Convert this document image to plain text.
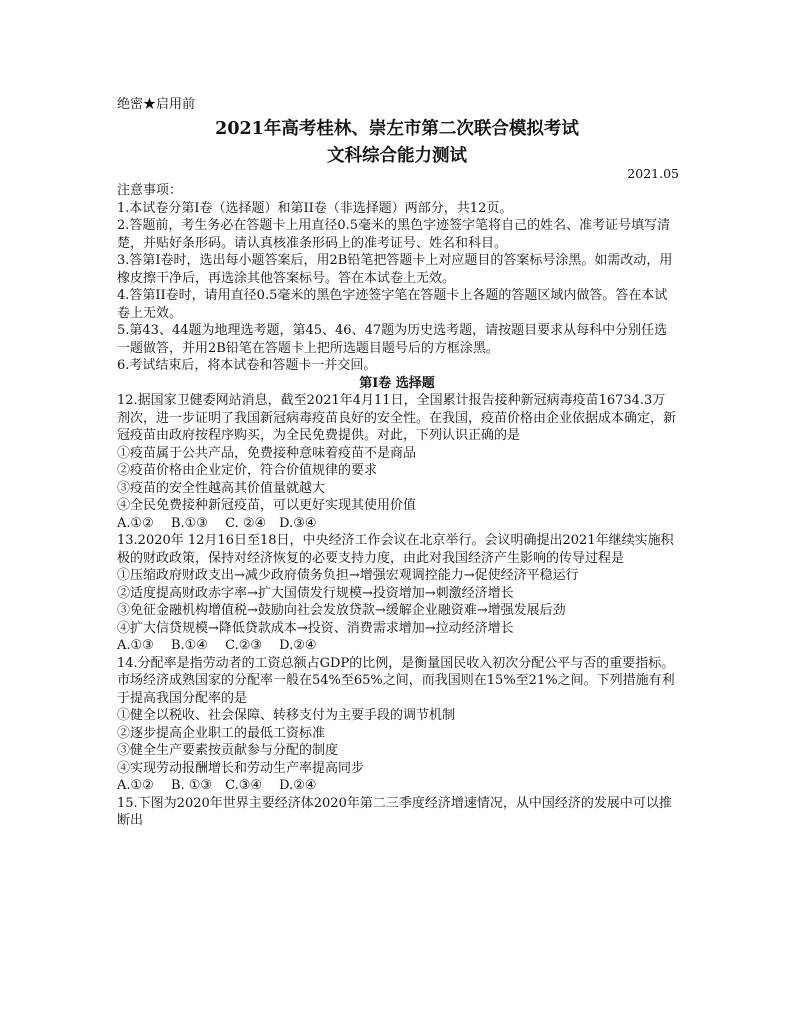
绝密★启用前
2021年高考桂林、崇左市第二次联合模拟考试
文科综合能力测试
2021.05

注意事项：

1.本试卷分第I卷（选择题）和第II卷（非选择题）两部分，共12页。

2.答题前，考生务必在答题卡上用直径0.5毫米的黑色字迹签字笔将自己的姓名、准考证号填写清楚，并贴好条形码。请认真核准条形码上的准考证号、姓名和科目。

3.答第I卷时，选出每小题答案后，用2B铅笔把答题卡上对应题目的答案标号涂黑。如需改动，用橡皮擦干净后，再选涂其他答案标号。答在本试卷上无效。

4.答第II卷时，请用直径0.5毫米的黑色字迹签字笔在答题卡上各题的答题区域内做答。答在本试卷上无效。

5.第43、44题为地理选考题，第45、46、47题为历史选考题，请按题目要求从每科中分别任选一题做答，并用2B铅笔在答题卡上把所选题目题号后的方框涂黑。

6.考试结束后，将本试卷和答题卡一并交回。

第I卷 选择题

12.据国家卫健委网站消息，截至2021年4月11日，全国累计报告接种新冠病毒疫苗16734.3万剂次，进一步证明了我国新冠病毒疫苗良好的安全性。在我国，疫苗价格由企业依据成本确定，新冠疫苗由政府按程序购买，为全民免费提供。对此，下列认识正确的是

①疫苗属于公共产品，免费接种意味着疫苗不是商品

②疫苗价格由企业定价，符合价值规律的要求

③疫苗的安全性越高其价值量就越大

④全民免费接种新冠疫苗，可以更好实现其使用价值

A.①②　 B.①③　 C. ②④　D.③④

13.2020年 12月16日至18日，中央经济工作会议在北京举行。会议明确提出2021年继续实施积极的财政政策，保持对经济恢复的必要支持力度，由此对我国经济产生影响的传导过程是

①压缩政府财政支出→减少政府债务负担→增强宏观调控能力→促使经济平稳运行

②适度提高财政赤字率→扩大国债发行规模→投资增加→刺激经济增长

③免征金融机构增值税→鼓励向社会发放贷款→缓解企业融资难→增强发展后劲

④扩大信贷规模→降低贷款成本→投资、消费需求增加→拉动经济增长

A.①③　 B.①④　 C.②③　 D.②④

14.分配率是指劳动者的工资总额占GDP的比例，是衡量国民收入初次分配公平与否的重要指标。市场经济成熟国家的分配率一般在54%至65%之间，而我国则在15%至21%之间。下列措施有利于提高我国分配率的是

①健全以税收、社会保障、转移支付为主要手段的调节机制

②逐步提高企业职工的最低工资标准

③健全生产要素按贡献参与分配的制度

④实现劳动报酬增长和劳动生产率提高同步

A.①②　 B. ①③　C.③④　 D.②④

15.下图为2020年世界主要经济体2020年第二三季度经济增速情况，从中国经济的发展中可以推断出
